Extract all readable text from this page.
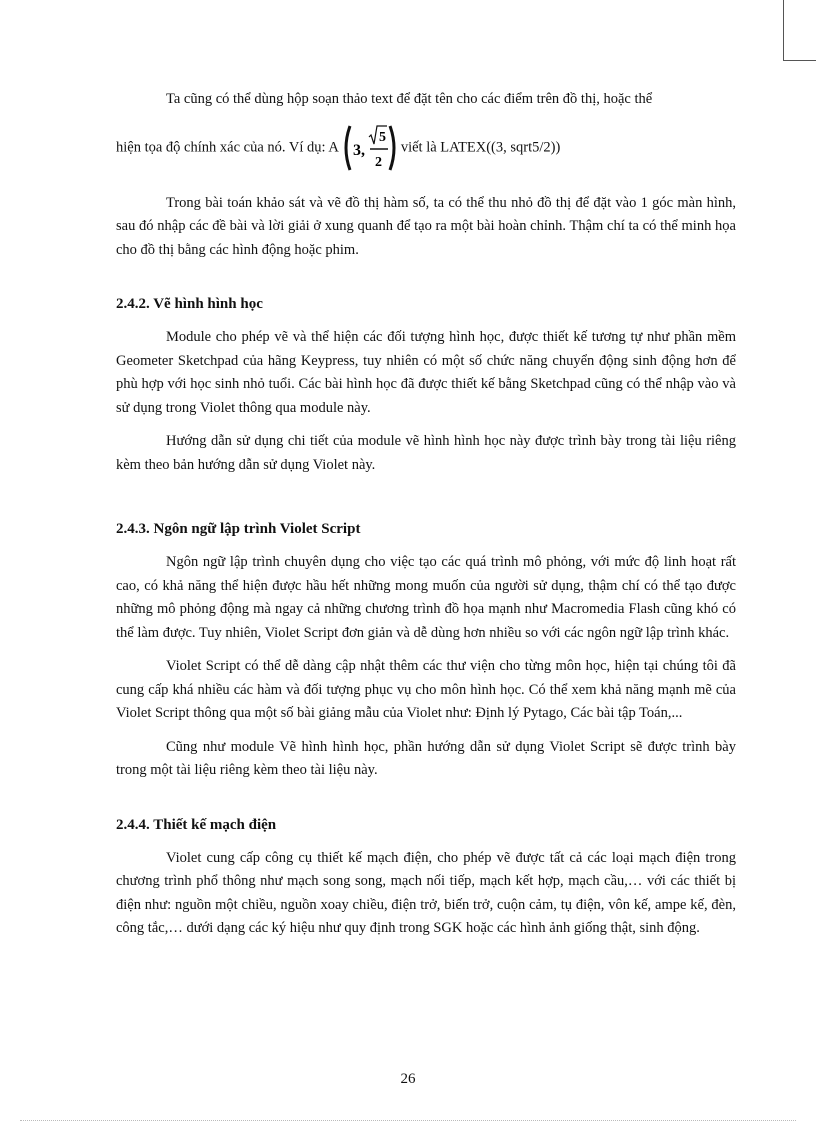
Ta cũng có thể dùng hộp soạn thảo text để đặt tên cho các điểm trên đồ thị, hoặc thể

hiện tọa độ chính xác của nó. Ví dụ: A 3,
5
2
viết là LATEX((3, sqrt5/2))

Trong bài toán khảo sát và vẽ đồ thị hàm số, ta có thể thu nhỏ đồ thị để đặt vào 1 góc màn hình, sau đó nhập các đề bài và lời giải ở xung quanh để tạo ra một bài hoàn chỉnh. Thậm chí ta có thể minh họa cho đồ thị bằng các hình động hoặc phim.

2.4.2. Vẽ hình hình học

Module cho phép vẽ và thể hiện các đối tượng hình học, được thiết kế tương tự như phần mềm Geometer Sketchpad của hãng Keypress, tuy nhiên có một số chức năng chuyển động sinh động hơn để phù hợp với học sinh nhỏ tuổi. Các bài hình học đã được thiết kế bằng Sketchpad cũng có thể nhập vào và sử dụng trong Violet thông qua module này.

Hướng dẫn sử dụng chi tiết của module vẽ hình hình học này được trình bày trong tài liệu riêng kèm theo bản hướng dẫn sử dụng Violet này.

2.4.3. Ngôn ngữ lập trình Violet Script

Ngôn ngữ lập trình chuyên dụng cho việc tạo các quá trình mô phỏng, với mức độ linh hoạt rất cao, có khả năng thể hiện được hầu hết những mong muốn của người sử dụng, thậm chí có thể tạo được những mô phỏng động mà ngay cả những chương trình đồ họa mạnh như Macromedia Flash cũng khó có thể làm được. Tuy nhiên, Violet Script đơn giản và dễ dùng hơn nhiều so với các ngôn ngữ lập trình khác.

Violet Script có thể dễ dàng cập nhật thêm các thư viện cho từng môn học, hiện tại chúng tôi đã cung cấp khá nhiều các hàm và đối tượng phục vụ cho môn hình học. Có thể xem khả năng mạnh mẽ của Violet Script thông qua một số bài giảng mẫu của Violet như: Định lý Pytago, Các bài tập Toán,...

Cũng như module Vẽ hình hình học, phần hướng dẫn sử dụng Violet Script sẽ được trình bày trong một tài liệu riêng kèm theo tài liệu này.

2.4.4. Thiết kế mạch điện

Violet cung cấp công cụ thiết kế mạch điện, cho phép vẽ được tất cả các loại mạch điện trong chương trình phổ thông như mạch song song, mạch nối tiếp, mạch kết hợp, mạch cầu,… với các thiết bị điện như: nguồn một chiều, nguồn xoay chiều, điện trở, biến trở, cuộn cảm, tụ điện, vôn kế, ampe kế, đèn, công tắc,… dưới dạng các ký hiệu như quy định trong SGK hoặc các hình ảnh giống thật, sinh động.

26
